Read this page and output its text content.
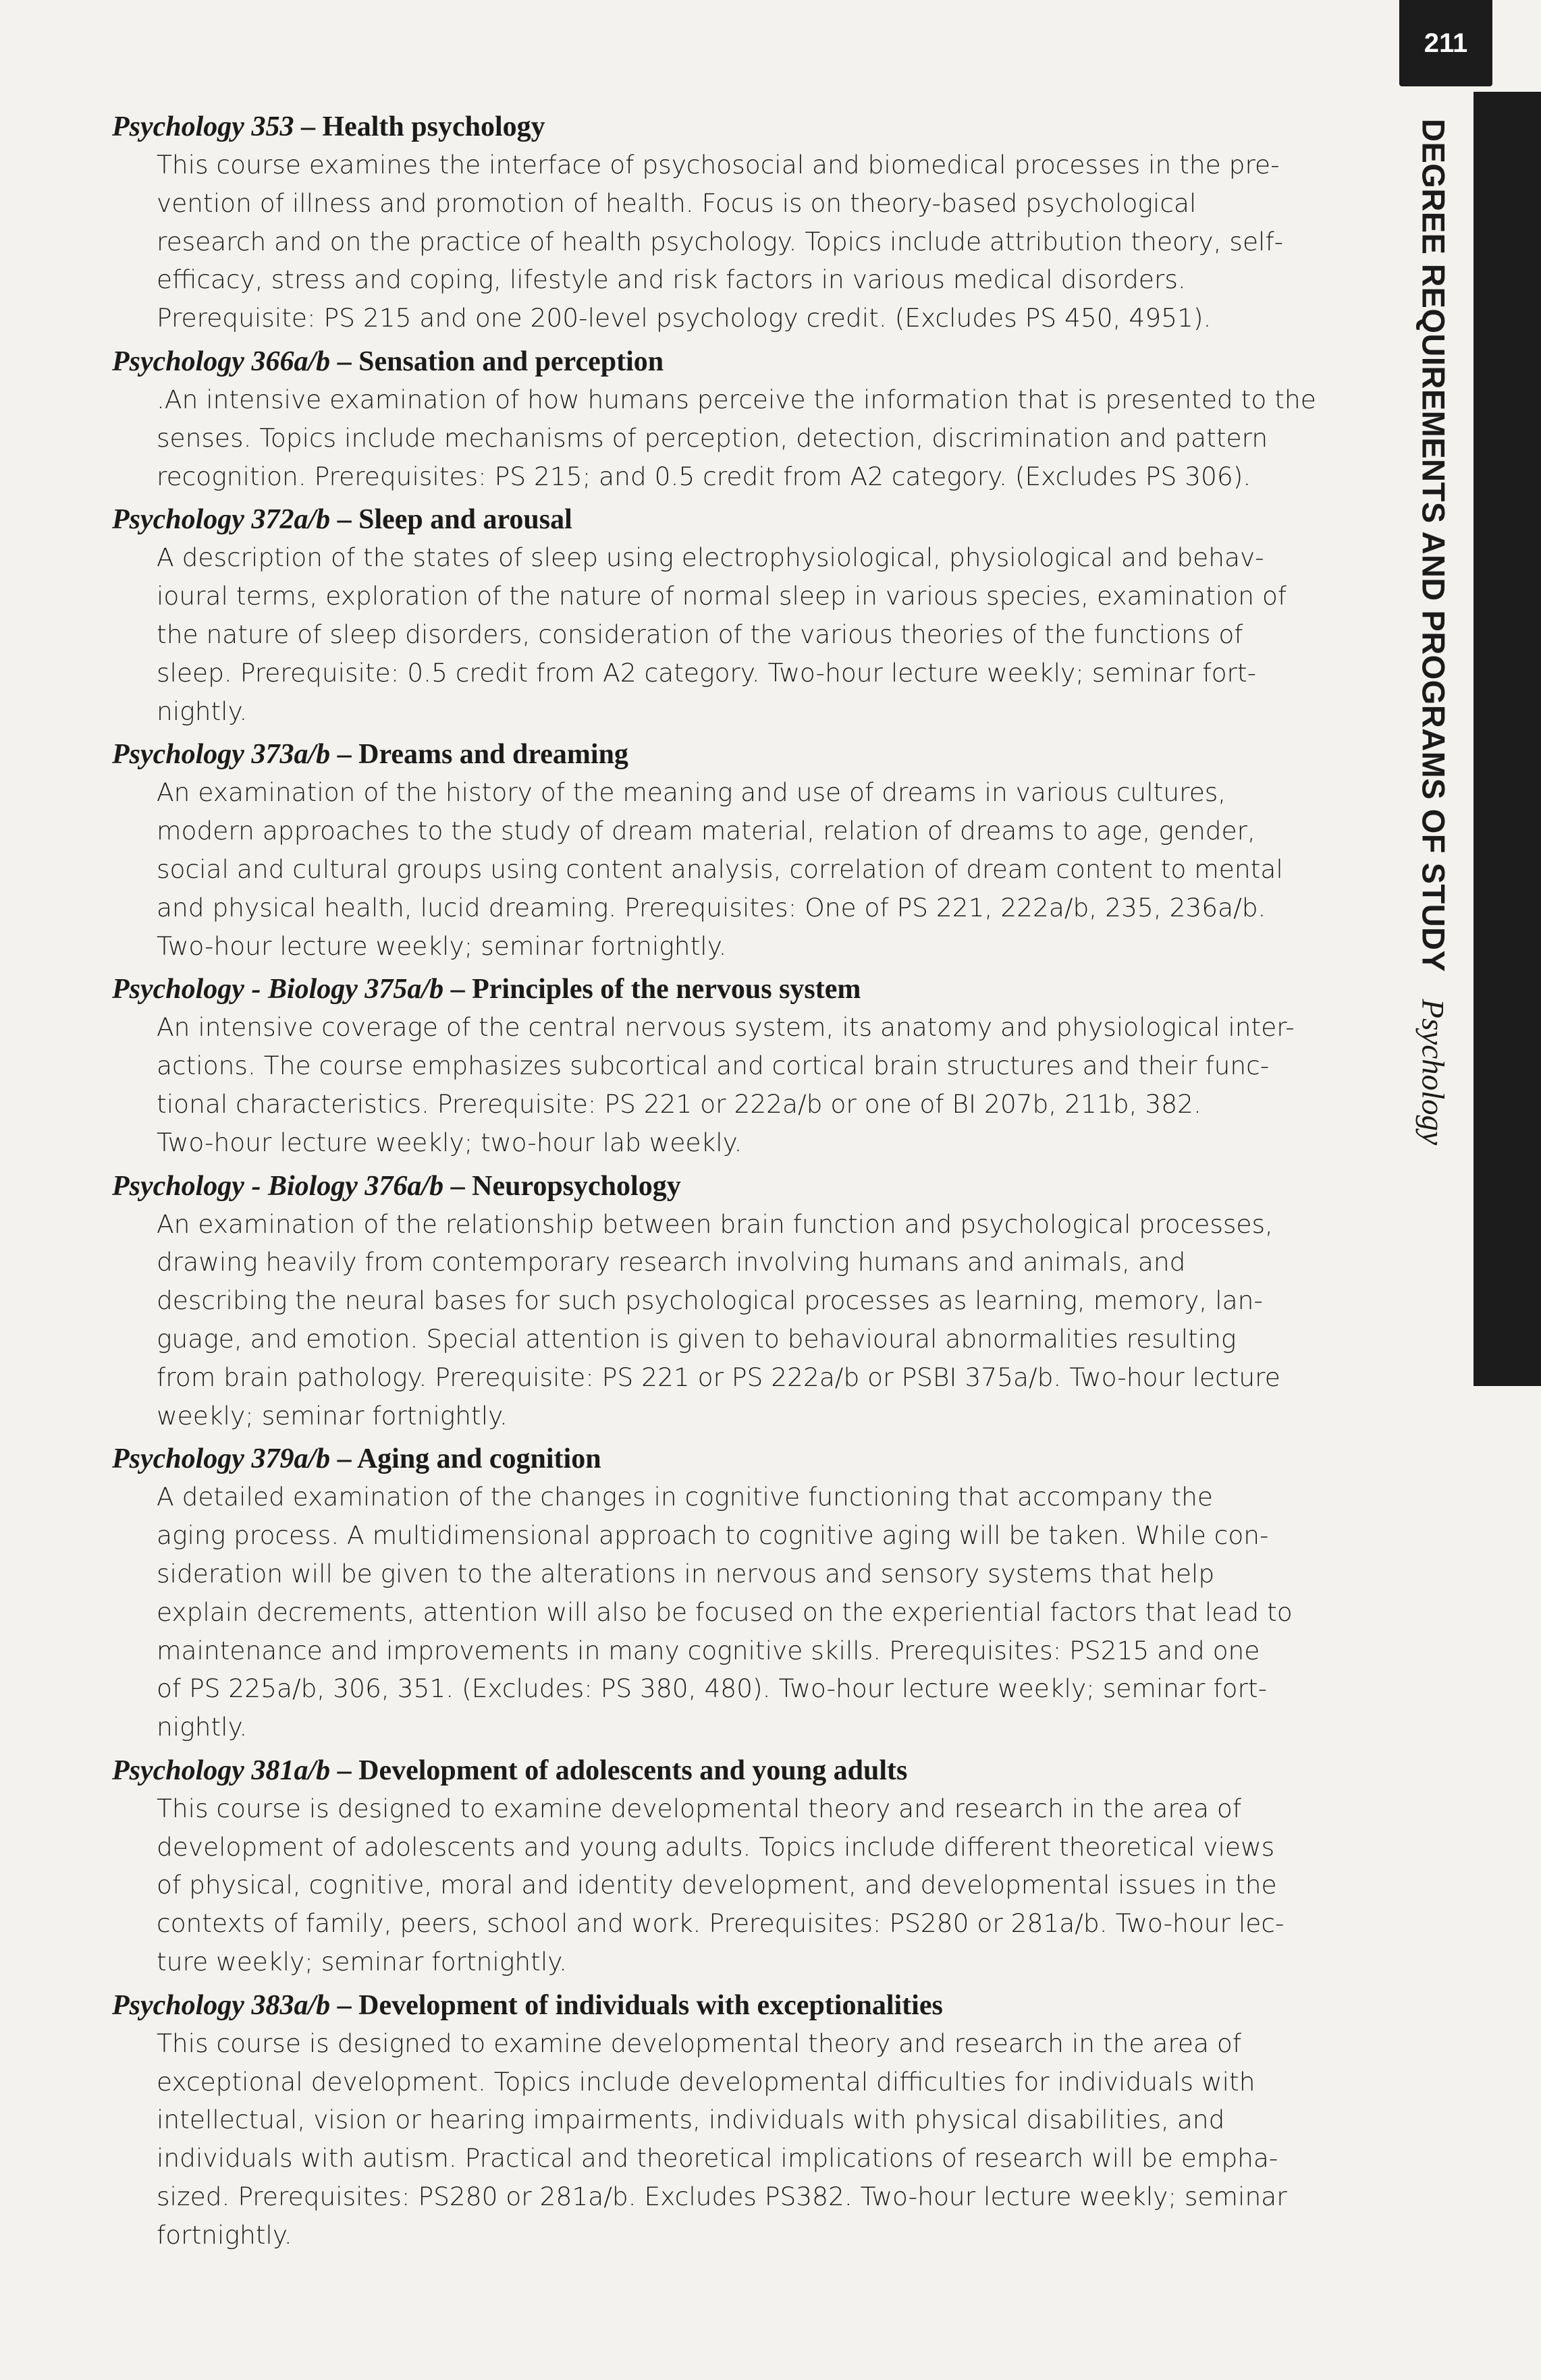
211
DEGREE REQUIREMENTS AND PROGRAMS OF STUDYPsychology

Psychology 353 – Health psychology

This course examines the interface of psychosocial and biomedical processes in the pre-
vention of illness and promotion of health. Focus is on theory-based psychological
research and on the practice of health psychology. Topics include attribution theory, self-
efficacy, stress and coping, lifestyle and risk factors in various medical disorders.
Prerequisite: PS 215 and one 200-level psychology credit. (Excludes PS 450, 4951).

Psychology 366a/b – Sensation and perception

.An intensive examination of how humans perceive the information that is presented to the
senses. Topics include mechanisms of perception, detection, discrimination and pattern
recognition. Prerequisites: PS 215; and 0.5 credit from A2 category. (Excludes PS 306).

Psychology 372a/b – Sleep and arousal

A description of the states of sleep using electrophysiological, physiological and behav-
ioural terms, exploration of the nature of normal sleep in various species, examination of
the nature of sleep disorders, consideration of the various theories of the functions of
sleep. Prerequisite: 0.5 credit from A2 category. Two-hour lecture weekly; seminar fort-
nightly.

Psychology 373a/b – Dreams and dreaming

An examination of the history of the meaning and use of dreams in various cultures,
modern approaches to the study of dream material, relation of dreams to age, gender,
social and cultural groups using content analysis, correlation of dream content to mental
and physical health, lucid dreaming. Prerequisites: One of PS 221, 222a/b, 235, 236a/b.
Two-hour lecture weekly; seminar fortnightly.

Psychology - Biology 375a/b – Principles of the nervous system

An intensive coverage of the central nervous system, its anatomy and physiological inter-
actions. The course emphasizes subcortical and cortical brain structures and their func-
tional characteristics. Prerequisite: PS 221 or 222a/b or one of BI 207b, 211b, 382.
Two-hour lecture weekly; two-hour lab weekly.

Psychology - Biology 376a/b – Neuropsychology

An examination of the relationship between brain function and psychological processes,
drawing heavily from contemporary research involving humans and animals, and
describing the neural bases for such psychological processes as learning, memory, lan-
guage, and emotion. Special attention is given to behavioural abnormalities resulting
from brain pathology. Prerequisite: PS 221 or PS 222a/b or PSBI 375a/b. Two-hour lecture
weekly; seminar fortnightly.

Psychology 379a/b – Aging and cognition

A detailed examination of the changes in cognitive functioning that accompany the
aging process. A multidimensional approach to cognitive aging will be taken. While con-
sideration will be given to the alterations in nervous and sensory systems that help
explain decrements, attention will also be focused on the experiential factors that lead to
maintenance and improvements in many cognitive skills. Prerequisites: PS215 and one
of PS 225a/b, 306, 351. (Excludes: PS 380, 480). Two-hour lecture weekly; seminar fort-
nightly.

Psychology 381a/b – Development of adolescents and young adults

This course is designed to examine developmental theory and research in the area of
development of adolescents and young adults. Topics include different theoretical views
of physical, cognitive, moral and identity development, and developmental issues in the
contexts of family, peers, school and work. Prerequisites: PS280 or 281a/b. Two-hour lec-
ture weekly; seminar fortnightly.

Psychology 383a/b – Development of individuals with exceptionalities

This course is designed to examine developmental theory and research in the area of
exceptional development. Topics include developmental difficulties for individuals with
intellectual, vision or hearing impairments, individuals with physical disabilities, and
individuals with autism. Practical and theoretical implications of research will be empha-
sized. Prerequisites: PS280 or 281a/b. Excludes PS382. Two-hour lecture weekly; seminar
fortnightly.
